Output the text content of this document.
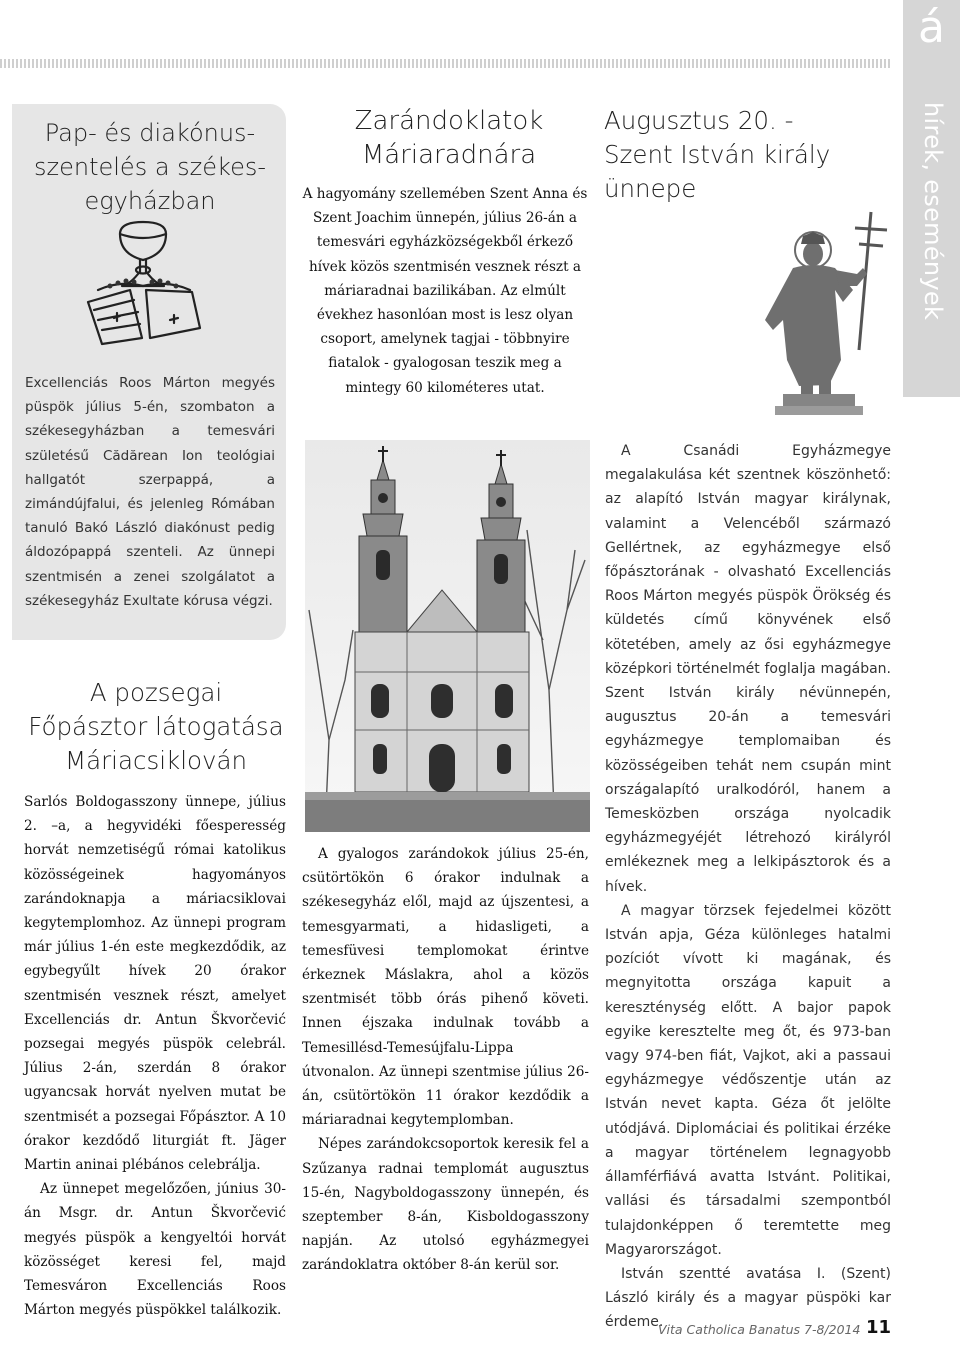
á
hírek, események
Pap- és diakónus-
szentelés a székes-
egyházban
Excellenciás Roos Márton megyés püspök július 5-én, szombaton a székesegyházban a temesvári születésű Cădărean Ion teológiai hallgatót szerpappá, a zimándújfalui, és jelenleg Rómában tanuló Bakó László diakónust pedig áldozópappá szenteli. Az ünnepi szentmisén a zenei szolgálatot a székesegyház Exultate kórusa végzi.
A pozsegai
Főpásztor látogatása
Máriacsiklován

Sarlós Boldogasszony ünnepe, július 2. –a, a hegyvidéki főesperesség horvát nemzetiségű római katolikus közösségeinek hagyományos zarándoknapja a máriacsiklovai kegytemplomhoz. Az ünnepi program már július 1-én este megkezdődik, az egybegyűlt hívek 20 órakor szentmisén vesznek részt, amelyet Excellenciás dr. Antun Škvorčević pozsegai megyés püspök celebrál. Július 2-án, szerdán 8 órakor ugyancsak horvát nyelven mutat be szentmisét a pozsegai Főpásztor. A 10 órakor kezdődő liturgiát ft. Jäger Martin aninai plébános celebrálja.

Az ünnepet megelőzően, június 30-án Msgr. dr. Antun Škvorčević megyés püspök a kengyeltói horvát közösséget keresi fel, majd Temesváron Excellenciás Roos Márton megyés püspökkel találkozik.

Zarándoklatok
Máriaradnára
A hagyomány szellemében Szent Anna és Szent Joachim ünnepén, július 26-án a temesvári egyházközségekből érkező hívek közös szentmisén vesznek részt a máriaradnai bazilikában. Az elmúlt évekhez hasonlóan most is lesz olyan csoport, amelynek tagjai - többnyire fiatalok - gyalogosan teszik meg a mintegy 60 kilométeres utat.

A gyalogos zarándokok július 25-én, csütörtökön 6 órakor indulnak a székesegyház elől, majd az újszentesi, a temesgyarmati, a hidasligeti, a temesfüvesi templomokat érintve érkeznek Máslakra, ahol a közös szentmisét több órás pihenő követi. Innen éjszaka indulnak tovább a Temesillésd-Temesújfalu-Lippa útvonalon. Az ünnepi szentmise július 26-án, csütörtökön 11 órakor kezdődik a máriaradnai kegytemplomban.

Népes zarándokcsoportok keresik fel a Szűzanya radnai templomát augusztus 15-én, Nagyboldogasszony ünnepén, és szeptember 8-án, Kisboldogasszony napján. Az utolsó egyházmegyei zarándoklatra október 8-án kerül sor.

Augusztus 20. -
Szent István király
ünnepe

A Csanádi Egyházmegye megalakulása két szentnek köszönhető: az alapító István magyar királynak, valamint a Velencéből származó Gellértnek, az egyházmegye első főpásztorának - olvasható Excellenciás Roos Márton megyés püspök Örökség és küldetés című könyvének első kötetében, amely az ősi egyházmegye középkori történelmét foglalja magában. Szent István király névünnepén, augusztus 20-án a temesvári egyházmegye templomaiban és közösségeiben tehát nem csupán mint országalapító uralkodóról, hanem a Temesközben országa nyolcadik egyházmegyéjét létrehozó királyról emlékeznek meg a lelkipásztorok és a hívek.

A magyar törzsek fejedelmei között István apja, Géza különleges hatalmi pozíciót vívott ki magának, és megnyitotta országa kapuit a kereszténység előtt. A bajor papok egyike keresztelte meg őt, és 973-ban vagy 974-ben fiát, Vajkot, aki a passaui egyházmegye védőszentje után az István nevet kapta. Géza őt jelölte utódjává. Diplomáciai és politikai érzéke a magyar történelem legnagyobb államférfiává avatta Istvánt. Politikai, vallási és társadalmi szempontból tulajdonképpen ő teremtette meg Magyarországot.

István szentté avatása I. (Szent) László király és a magyar püspöki kar érdeme.

Vita Catholica Banatus 7-8/2014 11
